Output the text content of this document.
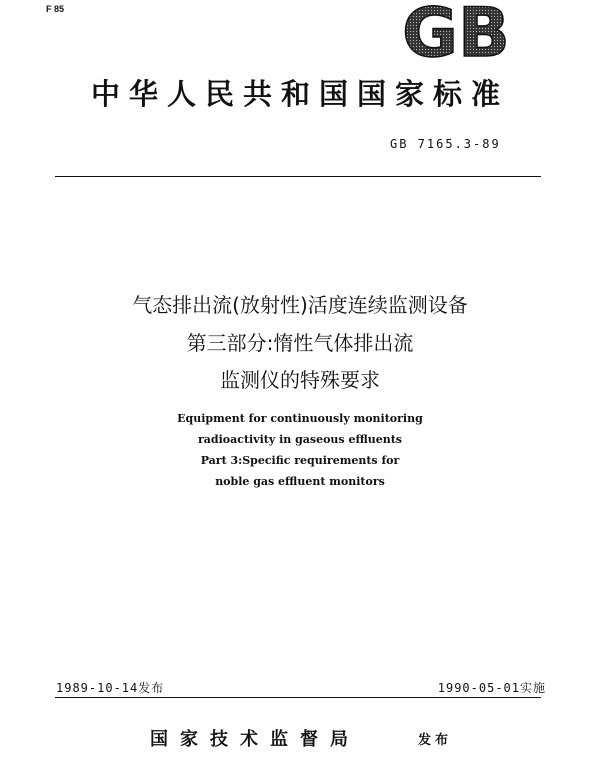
F 85	GB
中华人民共和国国家标准
GB 7165.3-89
气态排出流(放射性)活度连续监测设备
第三部分:惰性气体排出流
监测仪的特殊要求
Equipment for continuously monitoring
radioactivity in gaseous effluents
Part 3:Specific requirements for
noble gas effluent monitors
1989-10-14发布	1990-05-01实施
国家技术监督局	发布
